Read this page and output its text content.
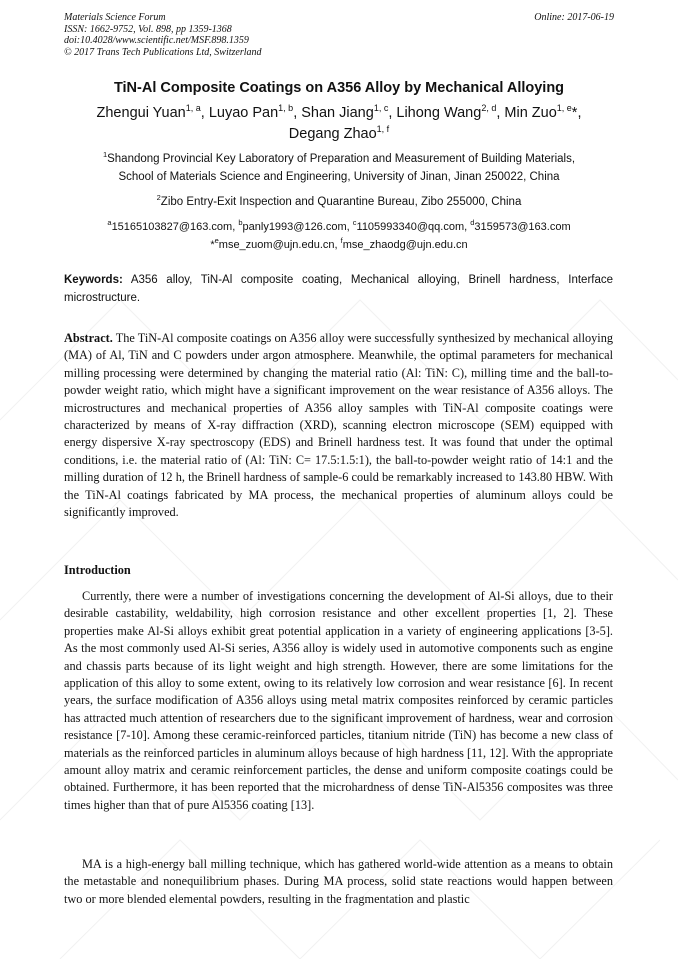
Materials Science Forum
ISSN: 1662-9752, Vol. 898, pp 1359-1368
doi:10.4028/www.scientific.net/MSF.898.1359
© 2017 Trans Tech Publications Ltd, Switzerland
Online: 2017-06-19
TiN-Al Composite Coatings on A356 Alloy by Mechanical Alloying
Zhengui Yuan$^{1, a}$, Luyao Pan$^{1, b}$, Shan Jiang$^{1, c}$, Lihong Wang$^{2, d}$, Min Zuo$^{1, e}$*,
Degang Zhao$^{1, f}$
$^1$Shandong Provincial Key Laboratory of Preparation and Measurement of Building Materials,
School of Materials Science and Engineering, University of Jinan, Jinan 250022, China
$^2$Zibo Entry-Exit Inspection and Quarantine Bureau, Zibo 255000, China
$^a$15165103827@163.com, $^b$panly1993@126.com, $^c$1105993340@qq.com, $^d$3159573@163.com
*$^e$mse_zuom@ujn.edu.cn, $^f$mse_zhaodg@ujn.edu.cn
Keywords: A356 alloy, TiN-Al composite coating, Mechanical alloying, Brinell hardness, Interface microstructure.
Abstract. The TiN-Al composite coatings on A356 alloy were successfully synthesized by mechanical alloying (MA) of Al, TiN and C powders under argon atmosphere. Meanwhile, the optimal parameters for mechanical milling processing were determined by changing the material ratio (Al: TiN: C), milling time and the ball-to-powder weight ratio, which might have a significant improvement on the wear resistance of A356 alloys. The microstructures and mechanical properties of A356 alloy samples with TiN-Al composite coatings were characterized by means of X-ray diffraction (XRD), scanning electron microscope (SEM) equipped with energy dispersive X-ray spectroscopy (EDS) and Brinell hardness test. It was found that under the optimal conditions, i.e. the material ratio of (Al: TiN: C= 17.5:1.5:1), the ball-to-powder weight ratio of 14:1 and the milling duration of 12 h, the Brinell hardness of sample-6 could be remarkably increased to 143.80 HBW. With the TiN-Al coatings fabricated by MA process, the mechanical properties of aluminum alloys could be significantly improved.
Introduction
Currently, there were a number of investigations concerning the development of Al-Si alloys, due to their desirable castability, weldability, high corrosion resistance and other excellent properties [1, 2]. These properties make Al-Si alloys exhibit great potential application in a variety of engineering applications [3-5]. As the most commonly used Al-Si series, A356 alloy is widely used in automotive components such as engine and chassis parts because of its light weight and high strength. However, there are some limitations for the application of this alloy to some extent, owing to its relatively low corrosion and wear resistance [6]. In recent years, the surface modification of A356 alloys using metal matrix composites reinforced by ceramic particles has attracted much attention of researchers due to the significant improvement of hardness, wear and corrosion resistance [7-10]. Among these ceramic-reinforced particles, titanium nitride (TiN) has become a new class of materials as the reinforced particles in aluminum alloys because of high hardness [11, 12]. With the appropriate amount alloy matrix and ceramic reinforcement particles, the dense and uniform composite coatings could be obtained. Furthermore, it has been reported that the microhardness of dense TiN-Al5356 composites was three times higher than that of pure Al5356 coating [13].
MA is a high-energy ball milling technique, which has gathered world-wide attention as a means to obtain the metastable and nonequilibrium phases. During MA process, solid state reactions would happen between two or more blended elemental powders, resulting in the fragmentation and plastic
